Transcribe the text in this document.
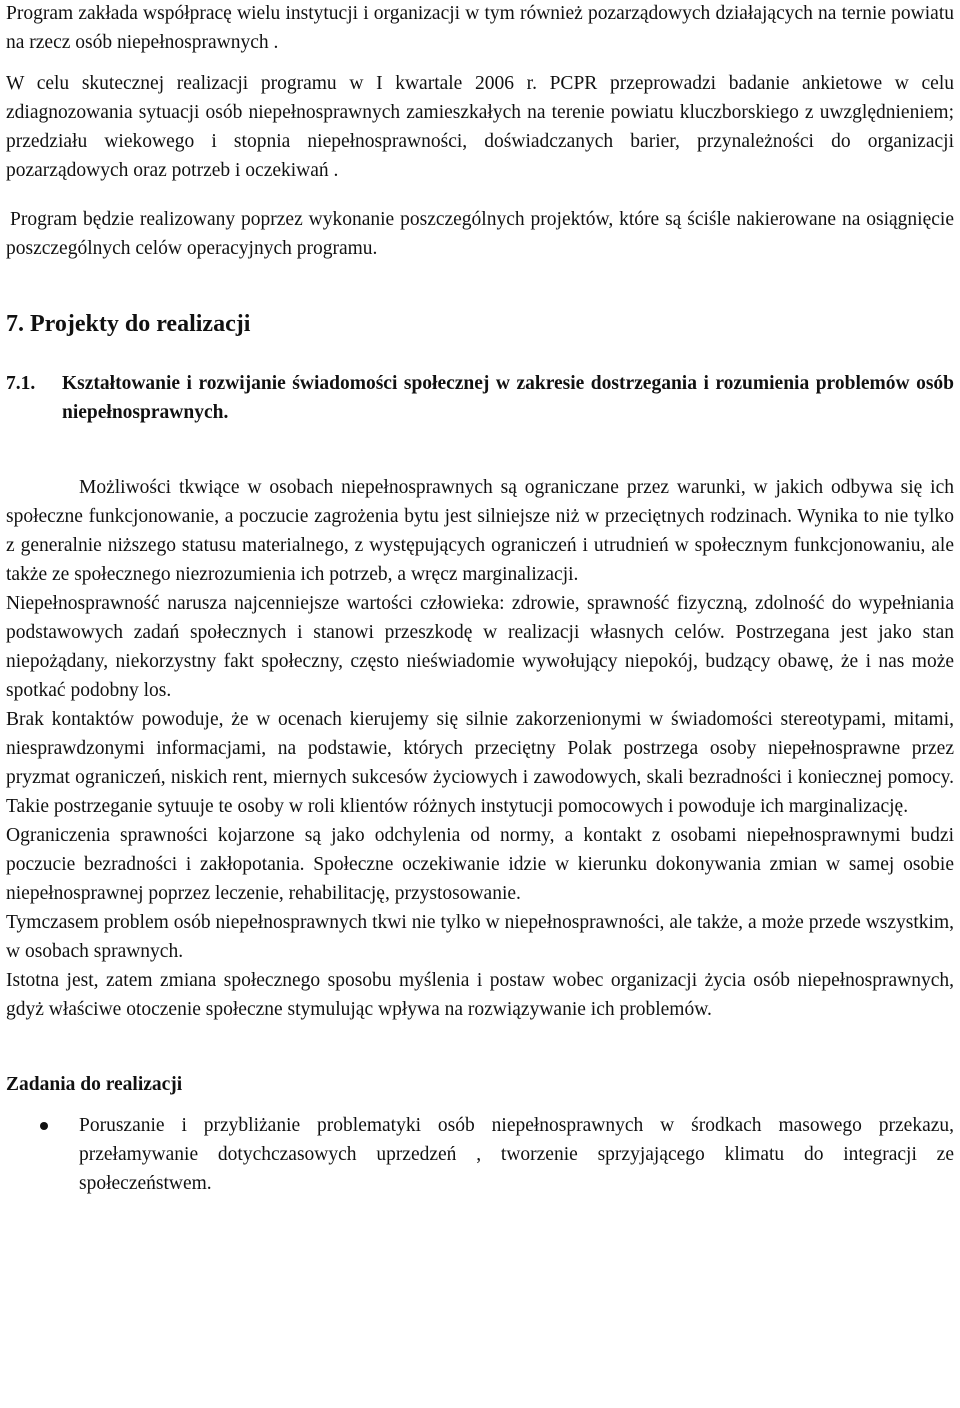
Program zakłada współpracę wielu instytucji i organizacji w tym również pozarządowych działających na ternie powiatu na rzecz osób niepełnosprawnych .

W celu skutecznej realizacji programu w I kwartale 2006 r. PCPR przeprowadzi badanie ankietowe w celu zdiagnozowania sytuacji osób niepełnosprawnych zamieszkałych na terenie powiatu kluczborskiego z uwzględnieniem; przedziału wiekowego i stopnia niepełnosprawności, doświadczanych barier, przynależności do organizacji pozarządowych oraz potrzeb i oczekiwań .

Program będzie realizowany poprzez wykonanie poszczególnych projektów, które są ściśle nakierowane na osiągnięcie poszczególnych celów operacyjnych programu.

7. Projekty do realizacji
7.1.	Kształtowanie i rozwijanie świadomości społecznej w zakresie dostrzegania i rozumienia problemów osób niepełnosprawnych.

Możliwości tkwiące w osobach niepełnosprawnych są ograniczane przez warunki, w jakich odbywa się ich społeczne funkcjonowanie, a poczucie zagrożenia bytu jest silniejsze niż w przeciętnych rodzinach. Wynika to nie tylko z generalnie niższego statusu materialnego, z występujących ograniczeń i utrudnień w społecznym funkcjonowaniu, ale także ze społecznego niezrozumienia ich potrzeb, a wręcz marginalizacji.

Niepełnosprawność narusza najcenniejsze wartości człowieka: zdrowie, sprawność fizyczną, zdolność do wypełniania podstawowych zadań społecznych i stanowi przeszkodę w realizacji własnych celów. Postrzegana jest jako stan niepożądany, niekorzystny fakt społeczny, często nieświadomie wywołujący niepokój, budzący obawę, że i nas może spotkać podobny los.

Brak kontaktów powoduje, że w ocenach kierujemy się silnie zakorzenionymi w świadomości stereotypami, mitami, niesprawdzonymi informacjami, na podstawie, których przeciętny Polak postrzega osoby niepełnosprawne przez pryzmat ograniczeń, niskich rent, miernych sukcesów życiowych i zawodowych, skali bezradności i koniecznej pomocy. Takie postrzeganie sytuuje te osoby w roli klientów różnych instytucji pomocowych i powoduje ich marginalizację.

Ograniczenia sprawności kojarzone są jako odchylenia od normy, a kontakt z osobami niepełnosprawnymi budzi poczucie bezradności i zakłopotania. Społeczne oczekiwanie idzie w kierunku dokonywania zmian w samej osobie niepełnosprawnej poprzez leczenie, rehabilitację, przystosowanie.

Tymczasem problem osób niepełnosprawnych tkwi nie tylko w niepełnosprawności, ale także, a może przede wszystkim, w osobach sprawnych.

Istotna jest, zatem zmiana społecznego sposobu myślenia i postaw wobec organizacji życia osób niepełnosprawnych, gdyż właściwe otoczenie społeczne stymulując wpływa na rozwiązywanie ich problemów.

Zadania do realizacji

Poruszanie i przybliżanie problematyki osób niepełnosprawnych w środkach masowego przekazu, przełamywanie dotychczasowych uprzedzeń , tworzenie sprzyjającego klimatu do integracji ze społeczeństwem.
